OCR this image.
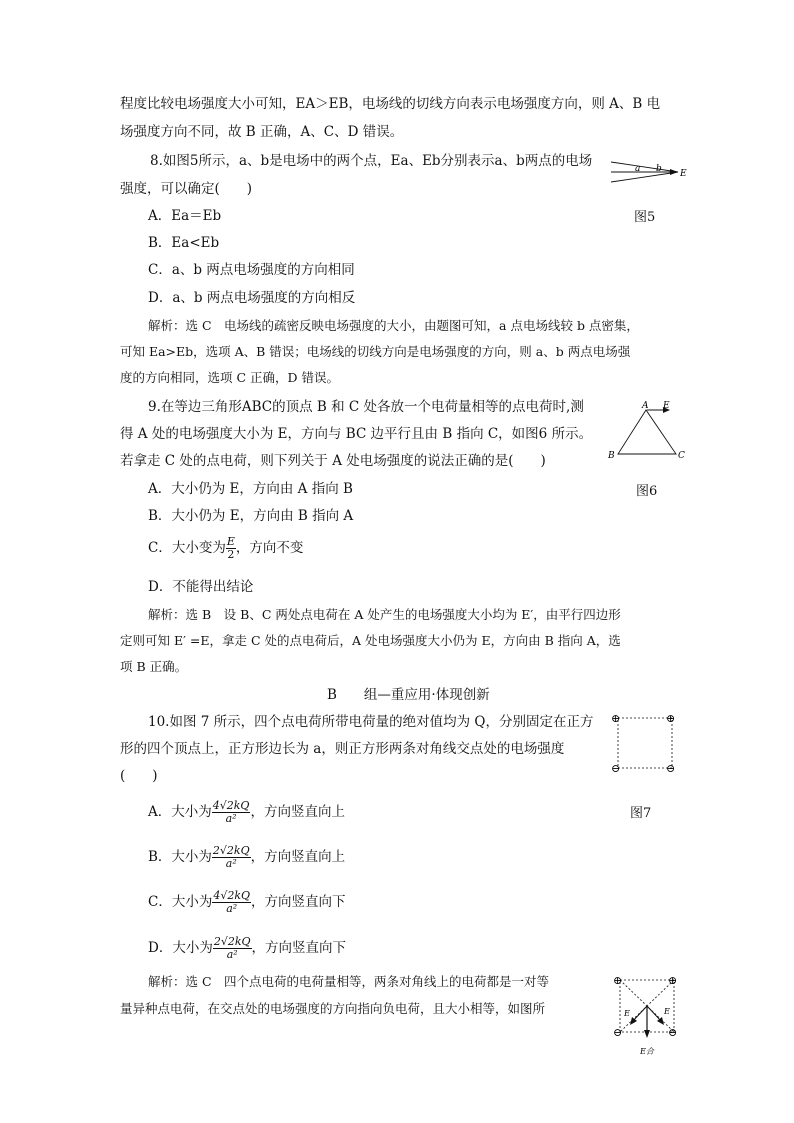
程度比较电场强度大小可知，EA＞EB，电场线的切线方向表示电场强度方向，则 A、B 电
场强度方向不同，故 B 正确，A、C、D 错误。
8.如图5所示，a、b是电场中的两个点，Ea、Eb分别表示a、b两点的电场
强度，可以确定(　　)
a b E
图5
A．Ea＝Eb
B．Ea<Eb
C．a、b 两点电场强度的方向相同
D．a、b 两点电场强度的方向相反
解析：选 C　电场线的疏密反映电场强度的大小，由题图可知，a 点电场线较 b 点密集，
可知 Ea>Eb，选项 A、B 错误；电场线的切线方向是电场强度的方向，则 a、b 两点电场强
度的方向相同，选项 C 正确，D 错误。
9.在等边三角形ABC的顶点 B 和 C 处各放一个电荷量相等的点电荷时,测
得 A 处的电场强度大小为 E，方向与 BC 边平行且由 B 指向 C，如图6 所示。
若拿走 C 处的点电荷，则下列关于 A 处电场强度的说法正确的是(　　)
A E
B	C
图6
A．大小仍为 E，方向由 A 指向 B
B．大小仍为 E，方向由 B 指向 A
C．大小变为 $\frac{E}{2}$ ，方向不变
D．不能得出结论
解析：选 B　设 B、C 两处点电荷在 A 处产生的电场强度大小均为 E′，由平行四边形
定则可知 E′ =E，拿走 C 处的点电荷后，A 处电场强度大小仍为 E，方向由 B 指向 A，选
项 B 正确。
B　　组—重应用·体现创新
10.如图 7 所示，四个点电荷所带电荷量的绝对值均为 Q，分别固定在正方
形的四个顶点上，正方形边长为 a，则正方形两条对角线交点处的电场强度
(　　)
⊕	⊕
⊖	⊖
图7
A．大小为 $\frac{4√2kQ}{\text{a²}}$ ，方向竖直向上
B．大小为 $\frac{2√2kQ}{\text{a²}}$ ，方向竖直向上
C．大小为 $\frac{4√2kQ}{\text{a²}}$ ，方向竖直向下
D．大小为 $\frac{2√2kQ}{\text{a²}}$ ，方向竖直向下
解析：选 C　四个点电荷的电荷量相等，两条对角线上的电荷都是一对等
量异种点电荷，在交点处的电场强度的方向指向负电荷，且大小相等，如图所
⊕	⊕
⊖	⊖
E	E
E合
